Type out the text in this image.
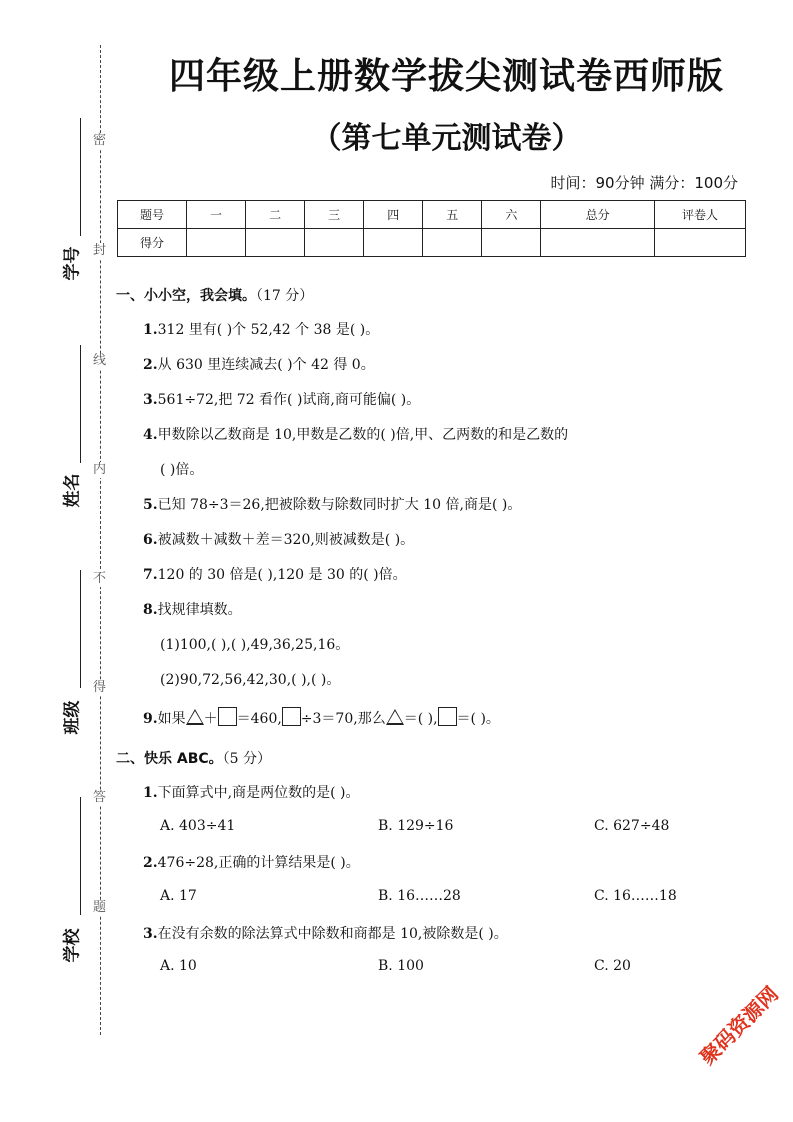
密
封
线
内
不
得
答
题
学号
姓名
班级
学校
四年级上册数学拔尖测试卷西师版
（第七单元测试卷）
时间：90分钟 满分：100分
题号	一	二	三	四	五	六	总分	评卷人
得分								
一、小小空，我会填。（17 分）
1.312 里有( )个 52,42 个 38 是( )。
2.从 630 里连续减去( )个 42 得 0。
3.561÷72,把 72 看作( )试商,商可能偏( )。
4.甲数除以乙数商是 10,甲数是乙数的( )倍,甲、乙两数的和是乙数的
( )倍。
5.已知 78÷3＝26,把被除数与除数同时扩大 10 倍,商是( )。
6.被减数＋减数＋差＝320,则被减数是( )。
7.120 的 30 倍是( ),120 是 30 的( )倍。
8.找规律填数。
(1)100,( ),( ),49,36,25,16。
(2)90,72,56,42,30,( ),( )。
9.如果 ＋ ＝460, ÷3＝70,那么 ＝( ), ＝( )。
二、快乐 ABC。（5 分）
1.下面算式中,商是两位数的是( )。
A. 403÷41	B. 129÷16	C. 627÷48
2.476÷28,正确的计算结果是( )。
A. 17	B. 16……28	C. 16……18
3.在没有余数的除法算式中除数和商都是 10,被除数是( )。
A. 10	B. 100	C. 20
聚码资源网
